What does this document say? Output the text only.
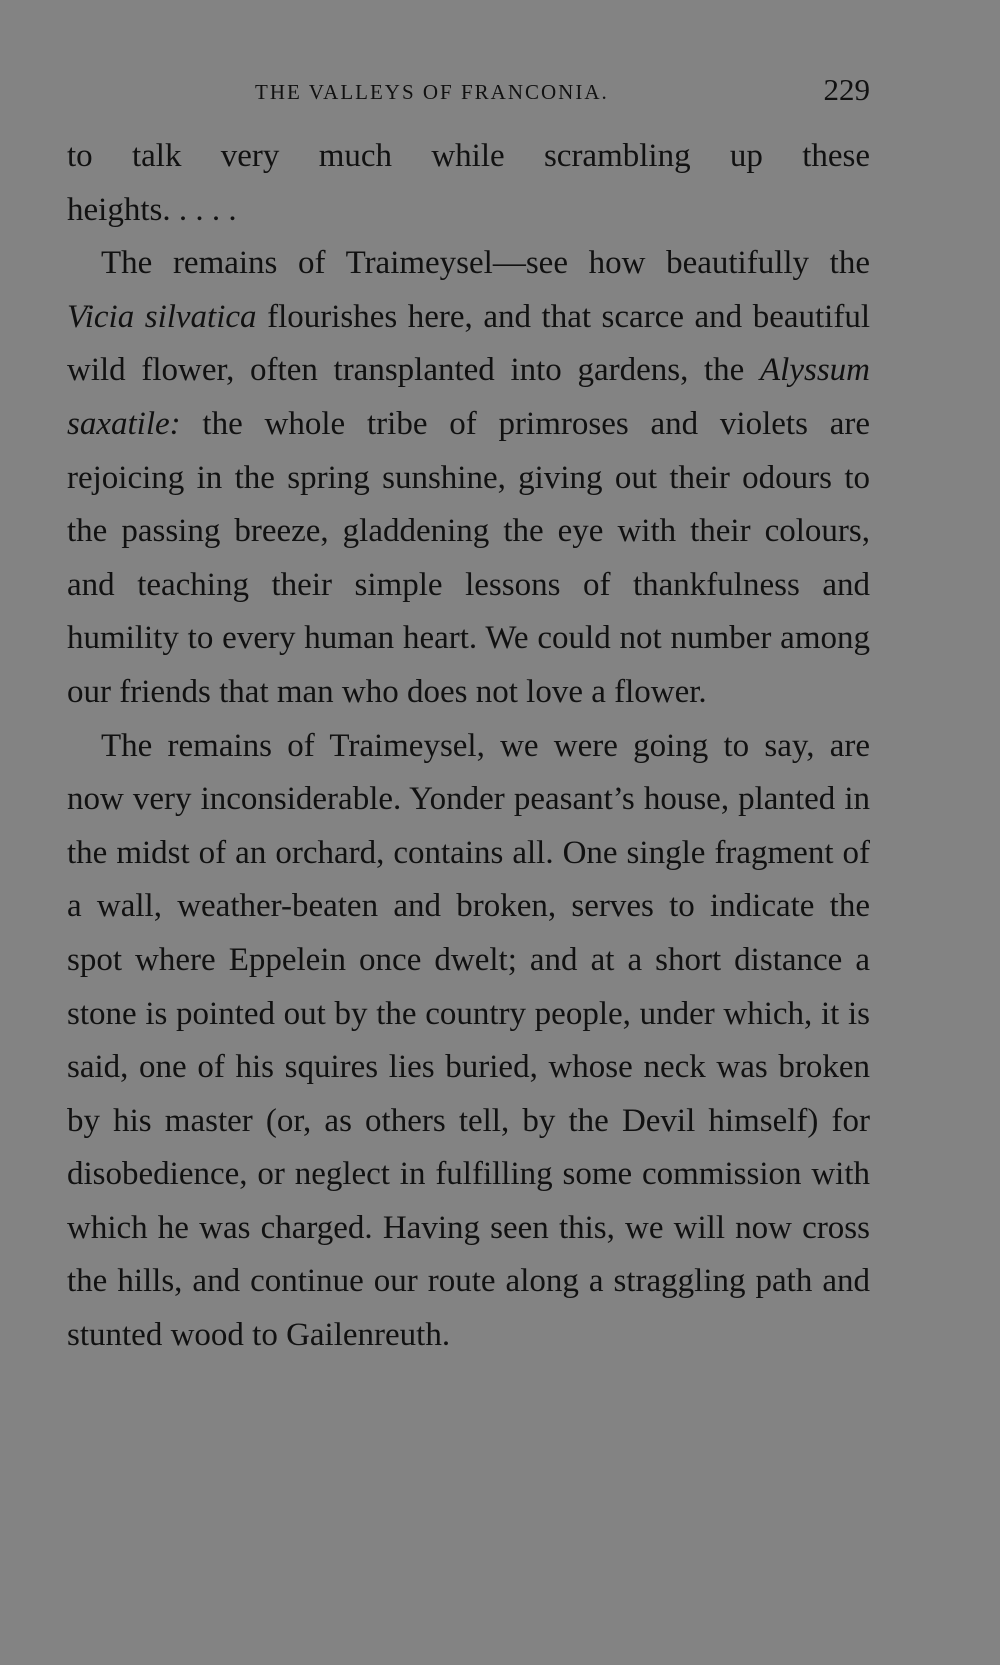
THE VALLEYS OF FRANCONIA.	229

to talk very much while scrambling up these
heights. . . . .

The remains of Traimeysel—see how beautifully the Vicia silvatica flourishes here, and that scarce and beautiful wild flower, often transplanted into gardens, the Alyssum saxatile: the whole tribe of primroses and violets are rejoicing in the spring sunshine, giving out their odours to the passing breeze, gladdening the eye with their colours, and teaching their simple lessons of thankfulness and humility to every human heart. We could not number among our friends that man who does not love a flower.

The remains of Traimeysel, we were going to say, are now very inconsiderable. Yonder peasant’s house, planted in the midst of an orchard, contains all. One single fragment of a wall, weather-beaten and broken, serves to indicate the spot where Eppelein once dwelt; and at a short distance a stone is pointed out by the country people, under which, it is said, one of his squires lies buried, whose neck was broken by his master (or, as others tell, by the Devil himself) for disobedience, or neglect in fulfilling some commission with which he was charged. Having seen this, we will now cross the hills, and continue our route along a straggling path and stunted wood to Gailenreuth.
